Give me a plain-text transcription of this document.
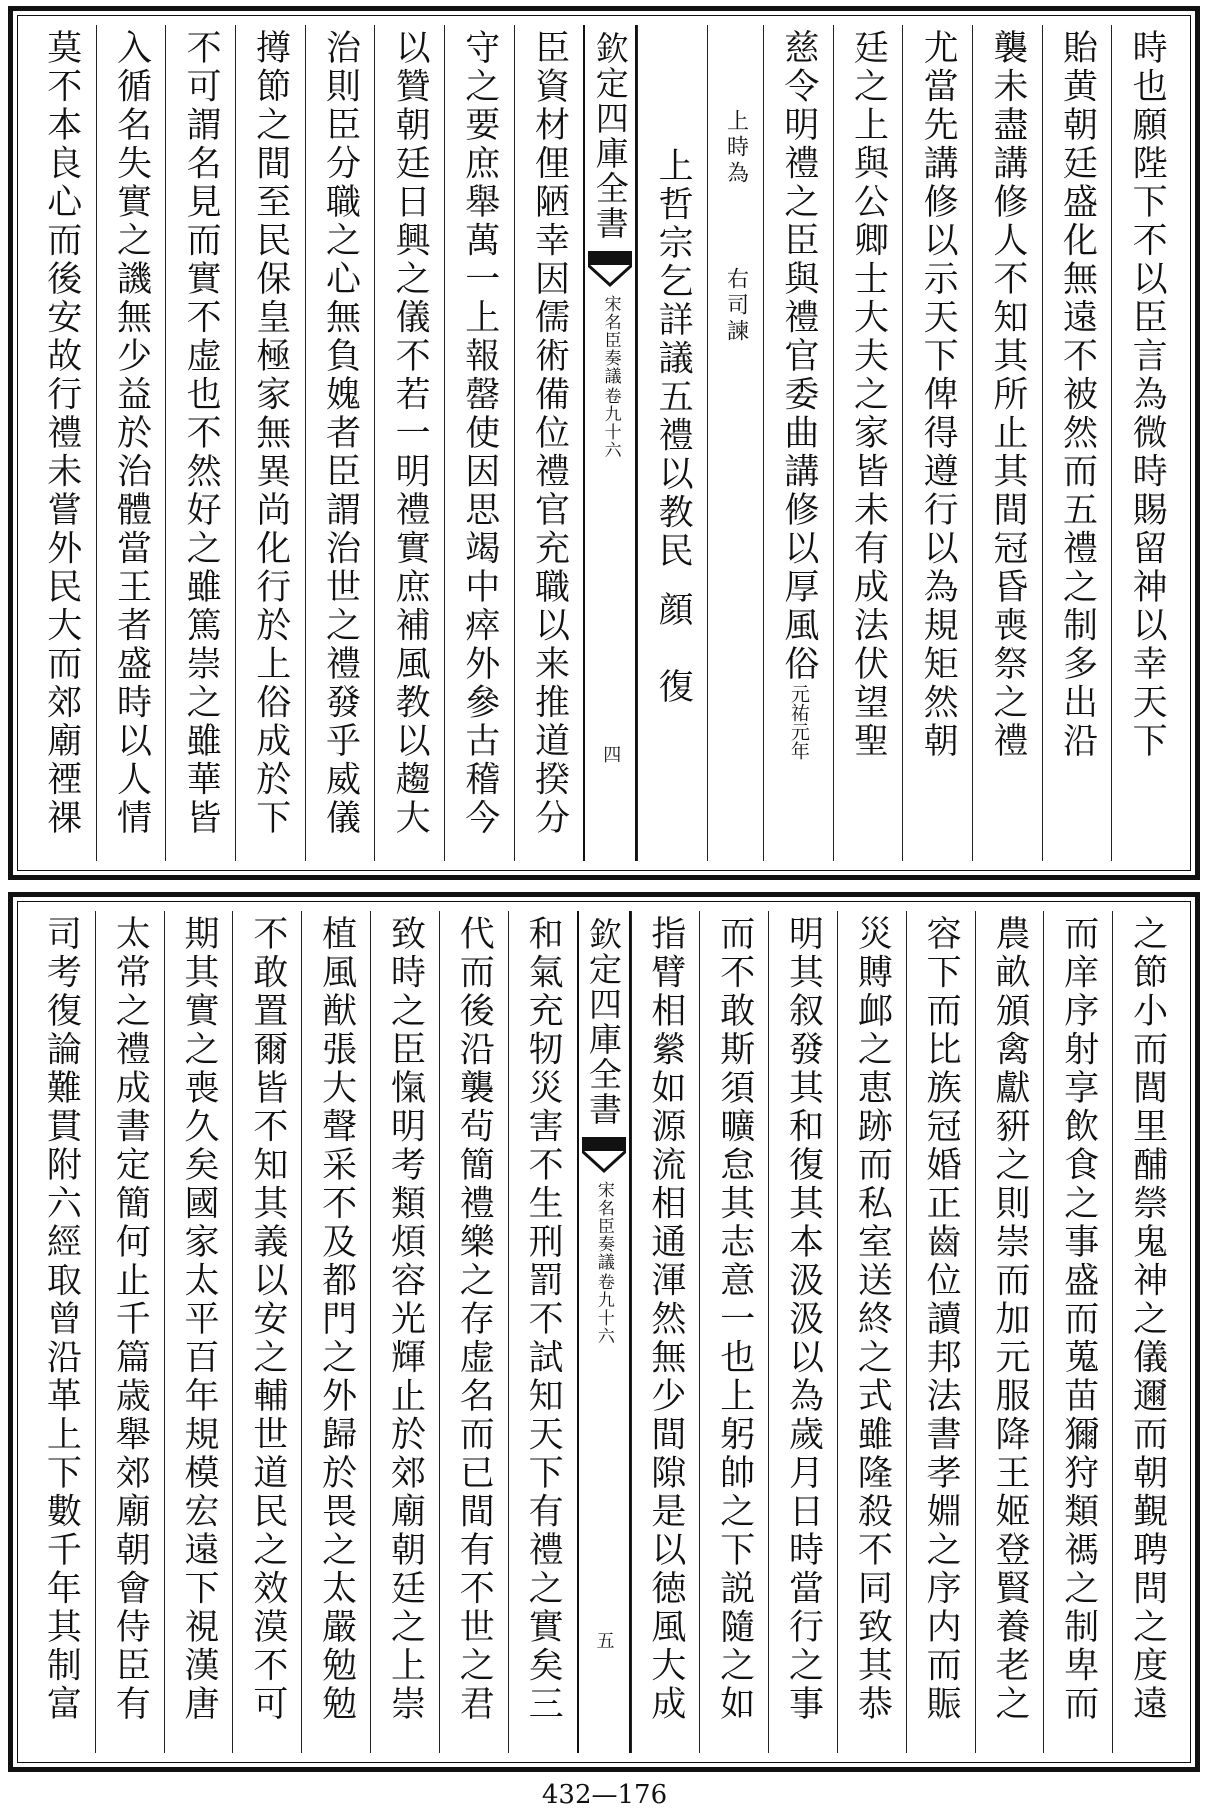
時也願陛下不以臣言為微時賜留神以幸天下
貽黄朝廷盛化無遠不被然而五禮之制多出沿
襲未盡講修人不知其所止其間冠昏喪祭之禮
尤當先講修以示天下俾得遵行以為規矩然朝
廷之上與公卿士大夫之家皆未有成法伏望聖
慈令明禮之臣與禮官委曲講修以厚風俗
元祐元年
上時為
右司諫
上哲宗乞詳議五禮以教民
顔　復
欽定四庫全書
宋名臣奏議
卷九十六
四
臣資材俚陋幸因儒術備位禮官充職以来推道揆分
守之要庶舉萬一上報罄使因思竭中瘁外參古稽今
以贊朝廷日興之儀不若一明禮實庶補風教以趨大
治則臣分職之心無負媿者臣謂治世之禮發乎威儀
撙節之間至民保皇極家無異尚化行於上俗成於下
不可謂名見而實不虚也不然好之雖篤崇之雖華皆
入循名失實之譏無少益於治體當王者盛時以人情
莫不本良心而後安故行禮未嘗外民大而郊廟禋祼
之節小而閭里酺禜鬼神之儀邇而朝覲聘問之度遠
而庠序射享飲食之事盛而蒐苗獮狩類禡之制卑而
農畝頒禽獻豣之則崇而加元服降王姬登賢養老之
容下而比族冠婚正齒位讀邦法書孝婣之序内而賑
災賻䘏之恵跡而私室送終之式雖隆殺不同致其恭
明其叙發其和復其本汲汲以為歲月日時當行之事
而不敢斯須曠怠其志意一也上躬帥之下説隨之如
指臂相縈如源流相通渾然無少間隙是以徳風大成
欽定四庫全書
宋名臣奏議
卷九十六
五
和氣充牣災害不生刑罰不試知天下有禮之實矣三
代而後沿襲茍簡禮樂之存虚名而已間有不世之君
致時之臣愾明考類煩容光輝止於郊廟朝廷之上崇
植風猷張大聲采不及都門之外歸於畏之太嚴勉勉
不敢置爾皆不知其義以安之輔世道民之效漠不可
期其實之喪久矣國家太平百年規模宏遠下視漢唐
太常之禮成書定簡何止千篇歳舉郊廟朝會侍臣有
司考復論難貫附六經取曾沿革上下數千年其制富
432—176
